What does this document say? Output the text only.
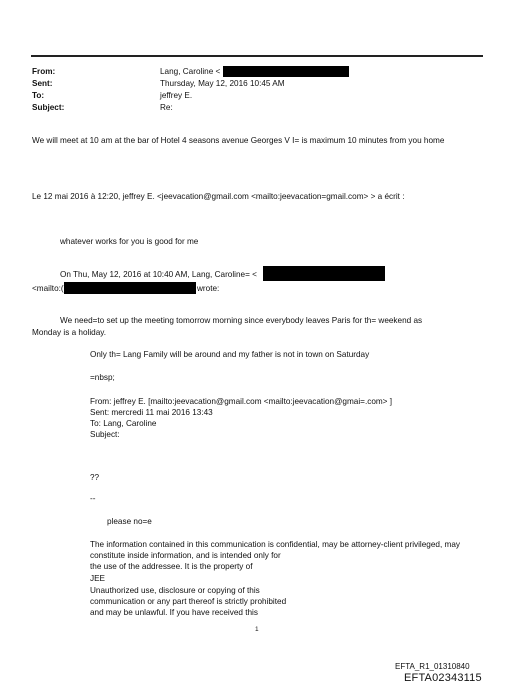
From:	Lang, Caroline <
Sent:	Thursday, May 12, 2016 10:45 AM
To:	jeffrey E.
Subject:	Re:
We will meet at 10 am at the bar of Hotel 4 seasons avenue Georges V I= is maximum 10 minutes from you home
Le 12 mai 2016 à 12:20, jeffrey E. <jeevacation@gmail.com <mailto:jeevacation=gmail.com> > a écrit :
whatever works for you is good for me
On Thu, May 12, 2016 at 10:40 AM, Lang, Caroline= <
<mailto:(	wrote:
We need=to set up the meeting tomorrow morning since everybody leaves Paris for th= weekend as
Monday is a holiday.
Only th= Lang Family will be around and my father is not in town on Saturday
=nbsp;
From: jeffrey E. [mailto:jeevacation@gmail.com <mailto:jeevacation@gmai=.com> ]
Sent: mercredi 11 mai 2016 13:43
To: Lang, Caroline
Subject:
??
--
please no=e
The information contained in this communication is confidential, may be attorney-client privileged, may
constitute inside information, and is intended only for
the use of the addressee. It is the property of
JEE
Unauthorized use, disclosure or copying of this
communication or any part thereof is strictly prohibited
and may be unlawful. If you have received this
1
EFTA_R1_01310840
EFTA02343115
